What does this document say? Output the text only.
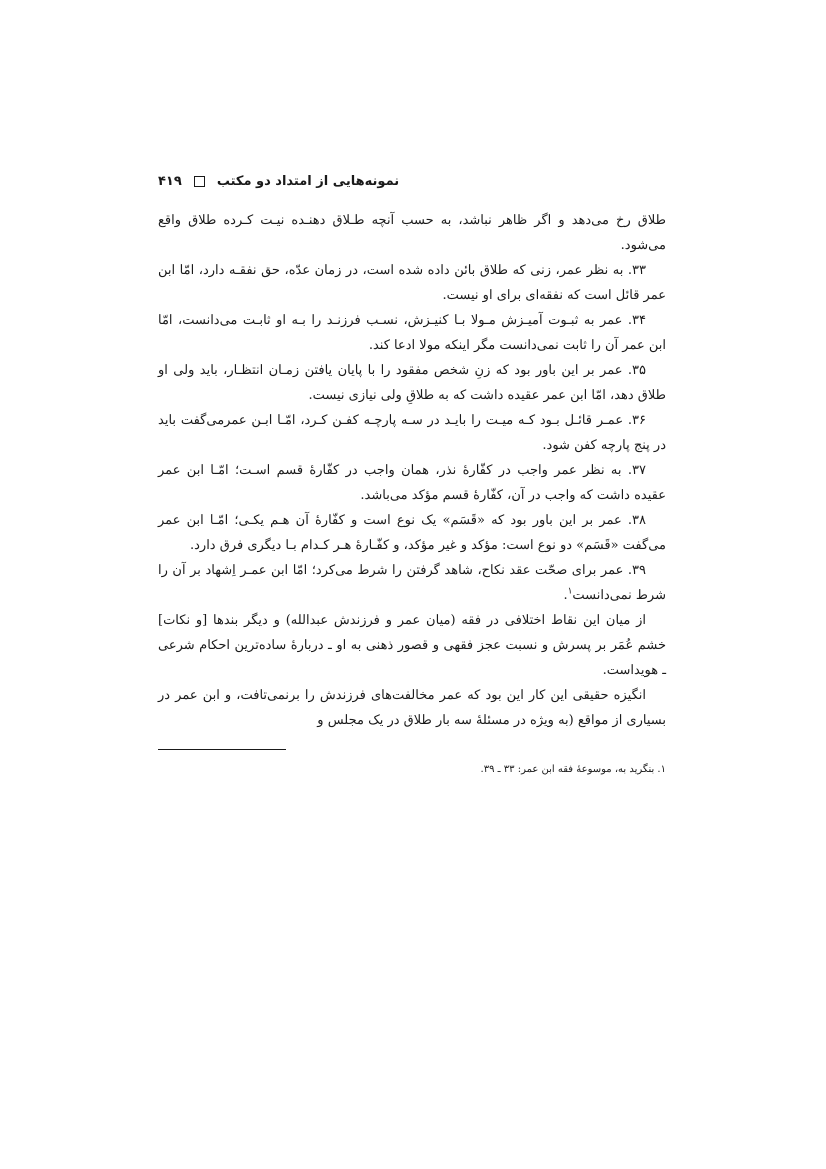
نمونه‌هایی از امتداد دو مکتب
۴۱۹

طلاق رخ می‌دهد و اگر ظاهر نباشد، به حسب آنچه طـلاق دهنـده نیـت کـرده طلاق واقع می‌شود.

۳۳. به نظر عمر، زنی که طلاق بائن داده شده است، در زمان عدّه، حق نفقـه دارد، امّا ابن عمر قائل است که نفقه‌ای برای او نیست.

۳۴. عمر به ثبـوت آمیـزش مـولا بـا کنیـزش، نسـب فرزنـد را بـه او ثابـت می‌دانست، امّا ابن عمر آن را ثابت نمی‌دانست مگر اینکه مولا ادعا کند.

۳۵. عمر بر این باور بود که زنِ شخص مفقود را با پایان یافتن زمـان انتظـار، باید ولی او طلاق دهد، امّا ابن عمر عقیده داشت که به طلاقِ ولی نیازی نیست.

۳۶. عمـر قائـل بـود کـه میـت را بایـد در سـه پارچـه کفـن کـرد، امّـا ابـن عمرمی‌گفت باید در پنج پارچه کفن شود.

۳۷. به نظر عمر واجب در کفّارهٔ نذر، همان واجب در کفّارهٔ قسم اسـت؛ امّـا ابن عمر عقیده داشت که واجب در آن، کفّارهٔ قسم مؤکد می‌باشد.

۳۸. عمر بر این باور بود که «قَسَم» یک نوع است و کفّارهٔ آن هـم یکـی؛ امّـا ابن عمر می‌گفت «قَسَم» دو نوع است: مؤکد و غیر مؤکد، و کفّـارهٔ هـر کـدام بـا دیگری فرق دارد.

۳۹. عمر برای صحّت عقد نکاح، شاهد گرفتن را شرط می‌کرد؛ امّا ابن عمـر اِشهاد بر آن را شرط نمی‌دانست$^۱$.

از میان این نقاط اختلافی در فقه (میان عمر و فرزندش عبدالله) و دیگر بندها [و نکات] خشم عُمَر بر پسرش و نسبت عجز فقهی و قصور ذهنی به او ـ دربارهٔ ساده‌ترین احکام شرعی ـ هویداست.

انگیزه حقیقی این کار این بود که عمر مخالفت‌های فرزندش را برنمی‌تافت، و ابن عمر در بسیاری از مواقع (به ویژه در مسئلهٔ سه بار طلاق در یک مجلس و

۱. بنگرید به، موسوعهٔ فقه ابن عمر: ۳۳ ـ ۳۹.
